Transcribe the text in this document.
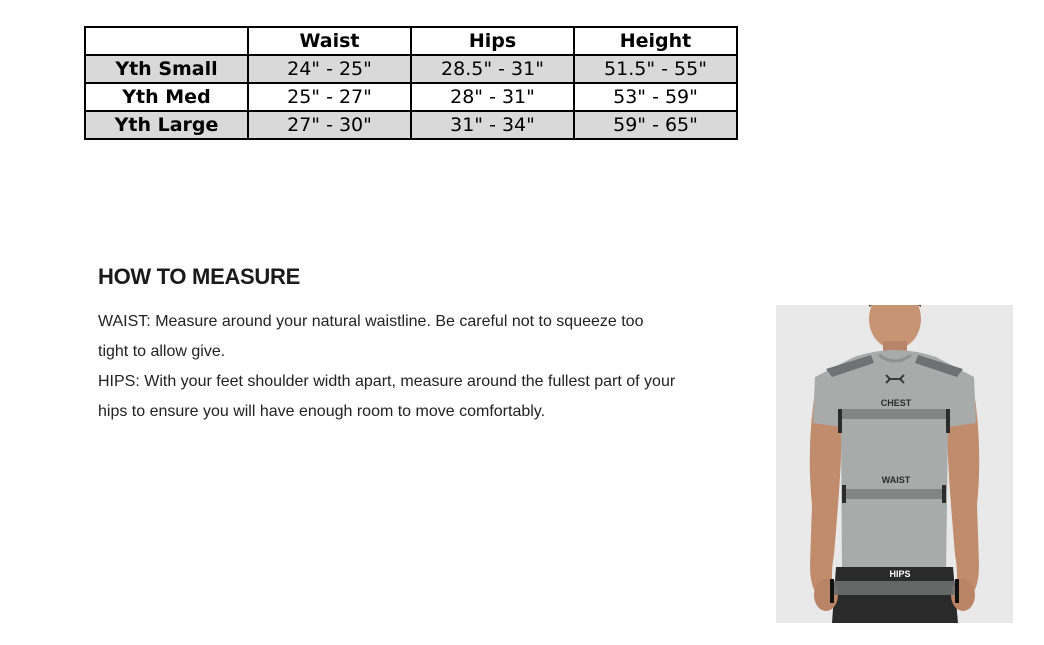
	Waist	Hips	Height
Yth Small	24" - 25"	28.5" - 31"	51.5" - 55"
Yth Med	25" - 27"	28" - 31"	53" - 59"
Yth Large	27" - 30"	31" - 34"	59" - 65"
HOW TO MEASURE

WAIST: Measure around your natural waistline. Be careful not to squeeze too tight to allow give.

HIPS: With your feet shoulder width apart, measure around the fullest part of your hips to ensure you will have enough room to move comfortably.	CHEST
WAIST
HIPS
